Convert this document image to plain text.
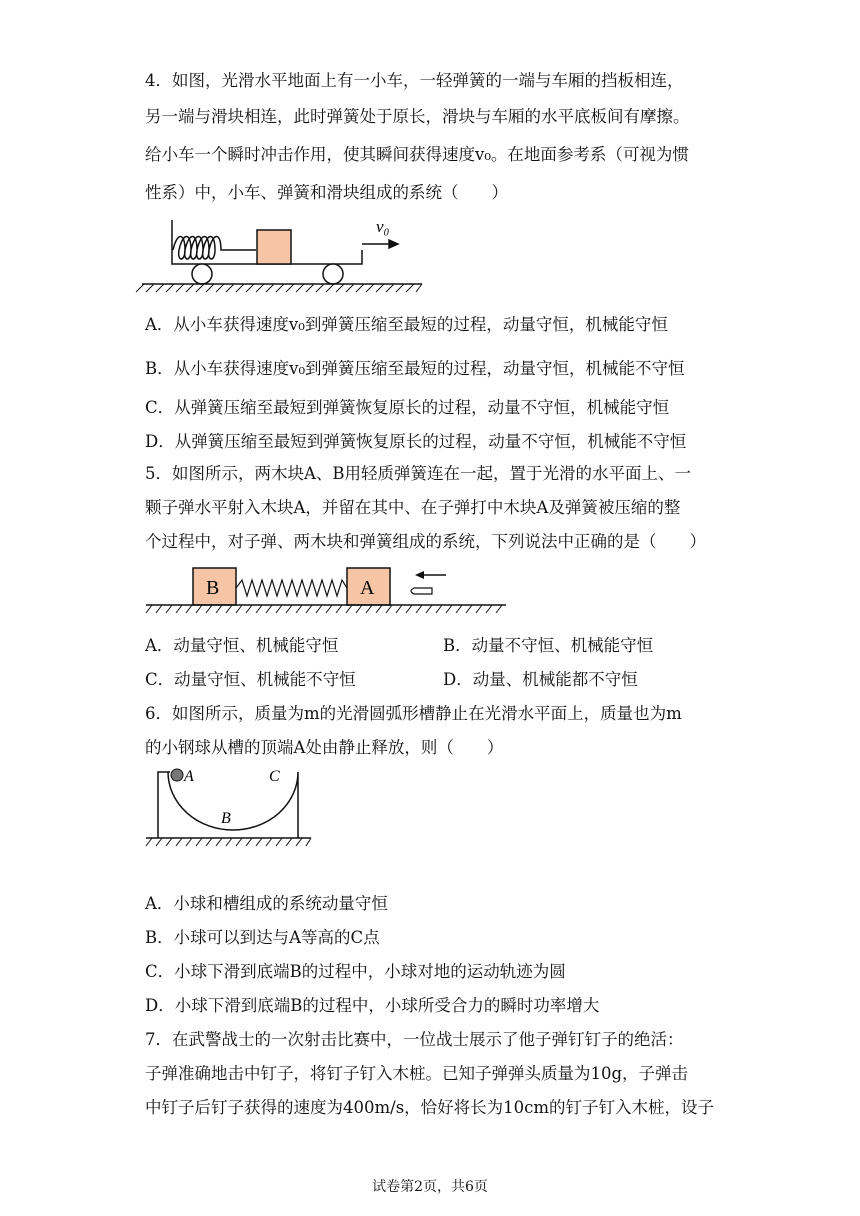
4．如图，光滑水平地面上有一小车，一轻弹簧的一端与车厢的挡板相连，
另一端与滑块相连，此时弹簧处于原长，滑块与车厢的水平底板间有摩擦。
给小车一个瞬时冲击作用，使其瞬间获得速度v₀。在地面参考系（可视为惯
性系）中，小车、弹簧和滑块组成的系统（　　）
v₀
A．从小车获得速度v₀到弹簧压缩至最短的过程，动量守恒，机械能守恒
B．从小车获得速度v₀到弹簧压缩至最短的过程，动量守恒，机械能不守恒
C．从弹簧压缩至最短到弹簧恢复原长的过程，动量不守恒，机械能守恒
D．从弹簧压缩至最短到弹簧恢复原长的过程，动量不守恒，机械能不守恒
5．如图所示，两木块A、B用轻质弹簧连在一起，置于光滑的水平面上、一
颗子弹水平射入木块A，并留在其中、在子弹打中木块A及弹簧被压缩的整
个过程中，对子弹、两木块和弹簧组成的系统，下列说法中正确的是（　　）
B	A
A．动量守恒、机械能守恒	B．动量不守恒、机械能守恒
C．动量守恒、机械能不守恒	D．动量、机械能都不守恒
6．如图所示，质量为m的光滑圆弧形槽静止在光滑水平面上，质量也为m
的小钢球从槽的顶端A处由静止释放，则（　　）
A	C
B
A．小球和槽组成的系统动量守恒
B．小球可以到达与A等高的C点
C．小球下滑到底端B的过程中，小球对地的运动轨迹为圆
D．小球下滑到底端B的过程中，小球所受合力的瞬时功率增大
7．在武警战士的一次射击比赛中，一位战士展示了他子弹钉钉子的绝活：
子弹准确地击中钉子，将钉子钉入木桩。已知子弹弹头质量为10g，子弹击
中钉子后钉子获得的速度为400m/s，恰好将长为10cm的钉子钉入木桩，设子
试卷第2页，共6页
